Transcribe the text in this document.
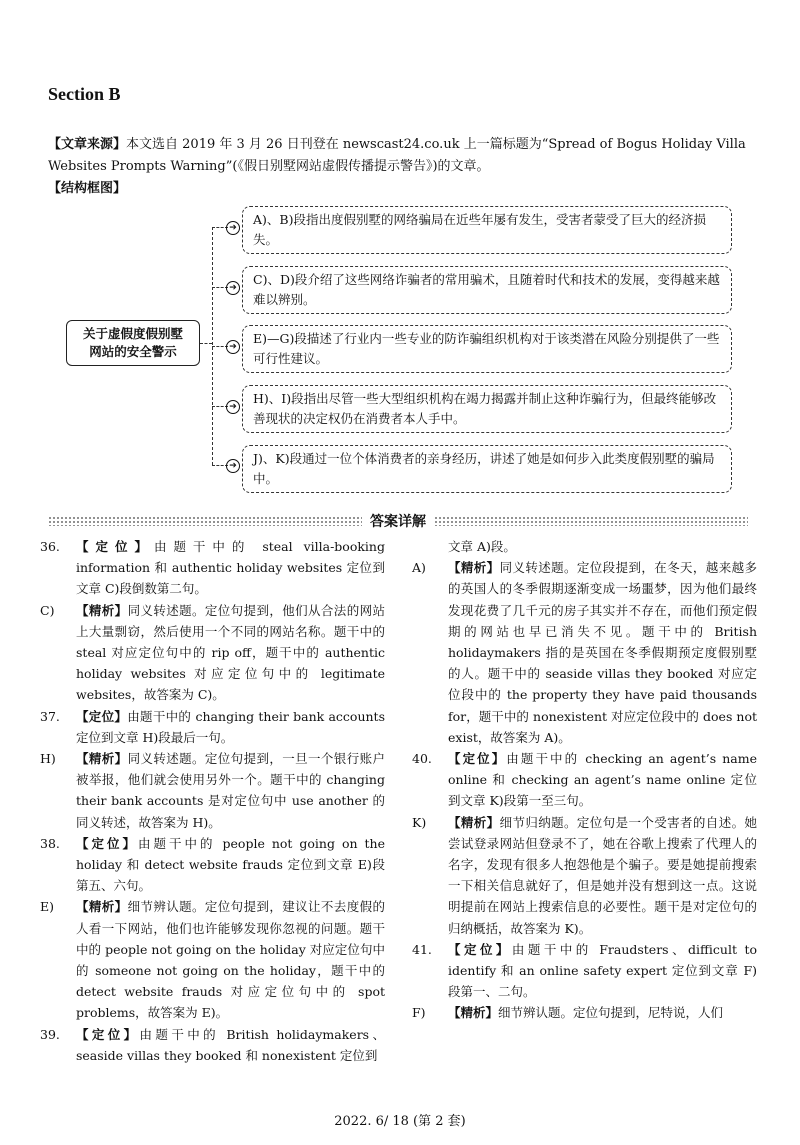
Section B
【文章来源】本文选自 2019 年 3 月 26 日刊登在 newscast24.co.uk 上一篇标题为“Spread of Bogus Holiday Villa Websites Prompts Warning”(《假日别墅网站虚假传播提示警告》)的文章。
【结构框图】
关于虚假度假别墅
网站的安全警示
➔
A)、B)段指出度假别墅的网络骗局在近些年屡有发生，受害者蒙受了巨大的经济损失。
➔
C)、D)段介绍了这些网络诈骗者的常用骗术，且随着时代和技术的发展，变得越来越难以辨别。
➔
E)—G)段描述了行业内一些专业的防诈骗组织机构对于该类潜在风险分别提供了一些可行性建议。
➔
H)、I)段指出尽管一些大型组织机构在竭力揭露并制止这种诈骗行为，但最终能够改善现状的决定权仍在消费者本人手中。
➔	J)、K)段通过一位个体消费者的亲身经历，讲述了她是如何步入此类度假别墅的骗局中。
答案详解
36.	【定位】由题干中的 steal villa-booking information 和 authentic holiday websites 定位到文章 C)段倒数第二句。
C)	【精析】同义转述题。定位句提到，他们从合法的网站上大量剽窃，然后使用一个不同的网站名称。题干中的 steal 对应定位句中的 rip off，题干中的 authentic holiday websites 对应定位句中的 legitimate websites，故答案为 C)。
37.	【定位】由题干中的 changing their bank accounts 定位到文章 H)段最后一句。
H)	【精析】同义转述题。定位句提到，一旦一个银行账户被举报，他们就会使用另外一个。题干中的 changing their bank accounts 是对定位句中 use another 的同义转述，故答案为 H)。
38.	【定位】由题干中的 people not going on the holiday 和 detect website frauds 定位到文章 E)段第五、六句。
E)	【精析】细节辨认题。定位句提到，建议让不去度假的人看一下网站，他们也许能够发现你忽视的问题。题干中的 people not going on the holiday 对应定位句中的 someone not going on the holiday，题干中的 detect website frauds 对应定位句中的 spot problems，故答案为 E)。
39.	【定位】由题干中的 British holidaymakers、seaside villas they booked 和 nonexistent 定位到
文章 A)段。
A)	【精析】同义转述题。定位段提到，在冬天，越来越多的英国人的冬季假期逐渐变成一场噩梦，因为他们最终发现花费了几千元的房子其实并不存在，而他们预定假期的网站也早已消失不见。题干中的 British holidaymakers 指的是英国在冬季假期预定度假别墅的人。题干中的 seaside villas they booked 对应定位段中的 the property they have paid thousands for，题干中的 nonexistent 对应定位段中的 does not exist，故答案为 A)。
40.	【定位】由题干中的 checking an agent’s name online 和 checking an agent’s name online 定位到文章 K)段第一至三句。
K)	【精析】细节归纳题。定位句是一个受害者的自述。她尝试登录网站但登录不了，她在谷歌上搜索了代理人的名字，发现有很多人抱怨他是个骗子。要是她提前搜索一下相关信息就好了，但是她并没有想到这一点。这说明提前在网站上搜索信息的必要性。题干是对定位句的归纳概括，故答案为 K)。
41.	【定位】由题干中的 Fraudsters、difficult to identify 和 an online safety expert 定位到文章 F)段第一、二句。
F)	【精析】细节辨认题。定位句提到，尼特说，人们
2022. 6/ 18 (第 2 套)
